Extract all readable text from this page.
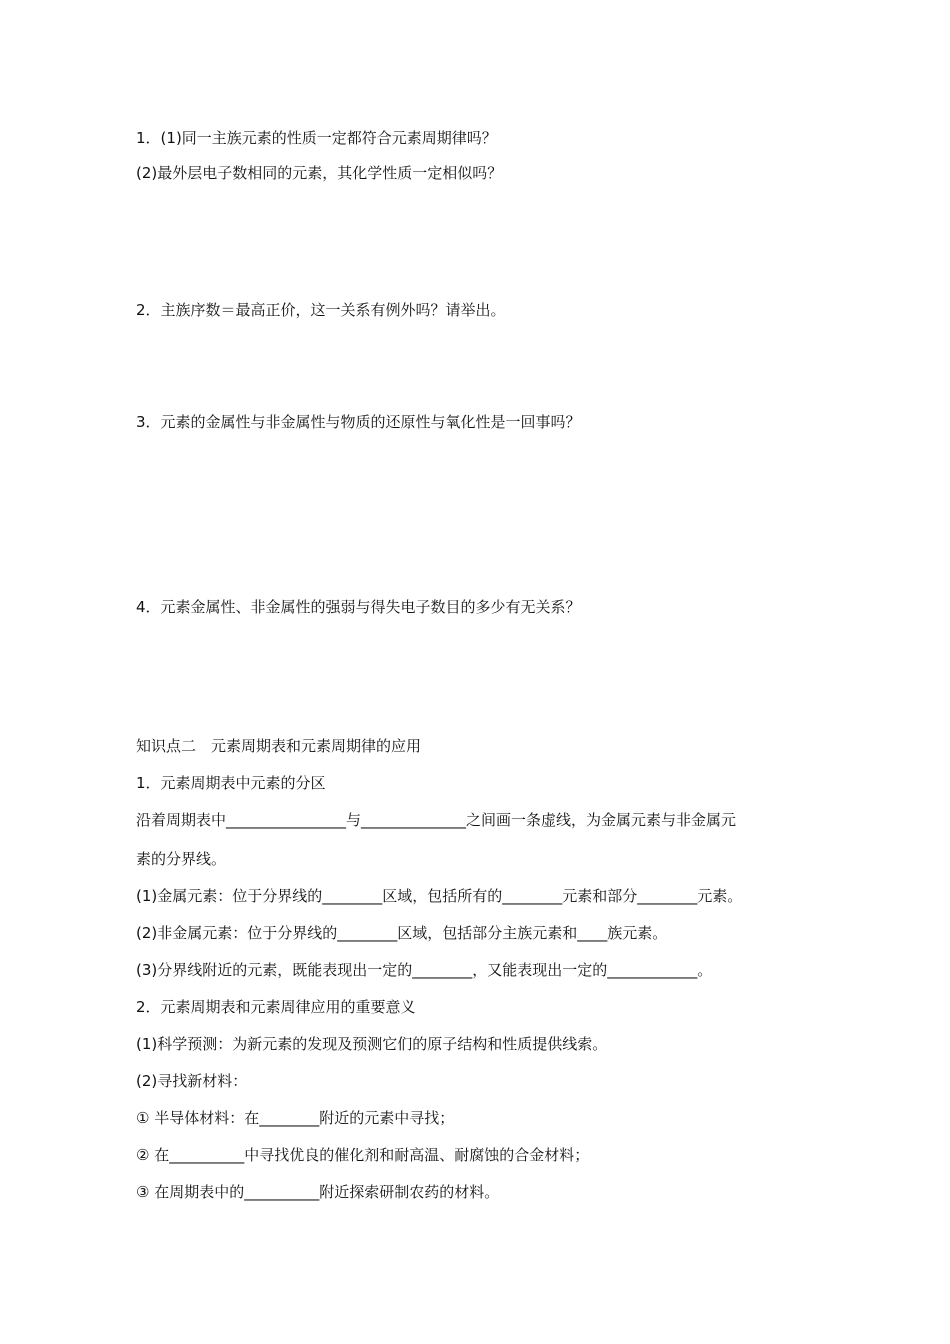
1．(1)同一主族元素的性质一定都符合元素周期律吗？
(2)最外层电子数相同的元素，其化学性质一定相似吗？
2．主族序数＝最高正价，这一关系有例外吗？请举出。
3．元素的金属性与非金属性与物质的还原性与氧化性是一回事吗？
4．元素金属性、非金属性的强弱与得失电子数目的多少有无关系？
知识点二　元素周期表和元素周期律的应用
1．元素周期表中元素的分区
沿着周期表中________________与______________之间画一条虚线，为金属元素与非金属元
素的分界线。
(1)金属元素：位于分界线的________区域，包括所有的________元素和部分________元素。
(2)非金属元素：位于分界线的________区域，包括部分主族元素和____族元素。
(3)分界线附近的元素，既能表现出一定的________，又能表现出一定的____________。
2．元素周期表和元素周律应用的重要意义
(1)科学预测：为新元素的发现及预测它们的原子结构和性质提供线索。
(2)寻找新材料：
① 半导体材料：在________附近的元素中寻找；
② 在__________中寻找优良的催化剂和耐高温、耐腐蚀的合金材料；
③ 在周期表中的__________附近探索研制农药的材料。
